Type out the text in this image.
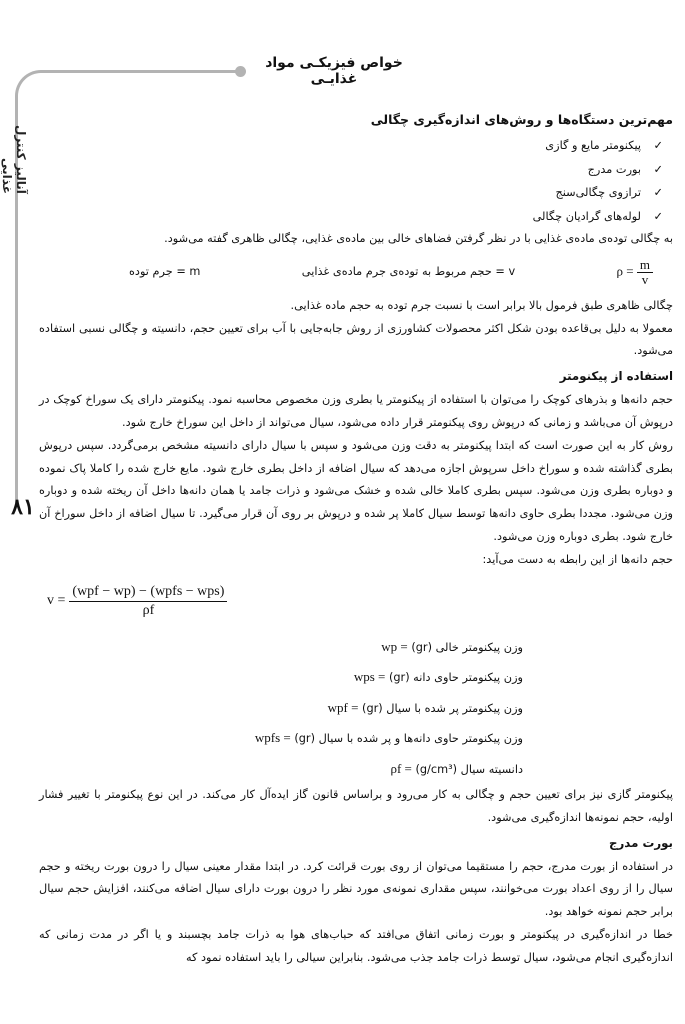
خواص فیزیکـی مواد غذایـی
آنالیز کنترل غذایی
۸۱
مهم‌ترین دستگاه‌ها و روش‌های اندازه‌گیری چگالی
✓پیکنومتر مایع و گازی
✓بورت مدرج
✓ترازوی چگالی‌سنج
✓لوله‌های گرادیان چگالی

به چگالی توده‌ی ماده‌ی غذایی با در نظر گرفتن فضاهای خالی بین ماده‌ی غذایی، چگالی ظاهری گفته می‌شود.

$\rho = \frac{m}{v}$
v = حجم مربوط به توده‌ی جرم ماده‌ی غذایی
m = جرم توده

چگالی ظاهری طبق فرمول بالا برابر است با نسبت جرم توده به حجم ماده غذایی.

معمولا به دلیل بی‌قاعده بودن شکل اکثر محصولات کشاورزی از روش جابه‌جایی با آب برای تعیین حجم، دانسیته و چگالی نسبی استفاده می‌شود.

استفاده از پیکنومتر

حجم دانه‌ها و بذرهای کوچک را می‌توان با استفاده از پیکنومتر یا بطری وزن مخصوص محاسبه نمود. پیکنومتر دارای یک سوراخ کوچک در درپوش آن می‌باشد و زمانی که درپوش روی پیکنومتر قرار داده می‌شود، سیال می‌تواند از داخل این سوراخ خارج شود.

روش کار به این صورت است که ابتدا پیکنومتر به دقت وزن می‌شود و سپس با سیال دارای دانسیته مشخص برمی‌گردد. سپس درپوش بطری گذاشته شده و سوراخ داخل سرپوش اجازه می‌دهد که سیال اضافه از داخل بطری خارج شود. مایع خارج شده را کاملا پاک نموده و دوباره بطری وزن می‌شود. سپس بطری کاملا خالی شده و خشک می‌شود و ذرات جامد یا همان دانه‌ها داخل آن ریخته شده و دوباره وزن می‌شود. مجددا بطری حاوی دانه‌ها توسط سیال کاملا پر شده و درپوش بر روی آن قرار می‌گیرد. تا سیال اضافه از داخل سوراخ آن خارج شود. بطری دوباره وزن می‌شود.

حجم دانه‌ها از این رابطه به دست می‌آید:

$v = \frac{\text{(wpf − wp) − (wpfs − wps)}}{\rho f}$

وزن پیکنومتر خالی (gr) wp =

وزن پیکنومتر حاوی دانه (gr) wps =

وزن پیکنومتر پر شده با سیال (gr) wpf =

وزن پیکنومتر حاوی دانه‌ها و پر شده با سیال (gr) wpfs =

دانسیته سیال (g/cm³) ρf =

پیکنومتر گازی نیز برای تعیین حجم و چگالی به کار می‌رود و براساس قانون گاز ایده‌آل کار می‌کند. در این نوع پیکنومتر با تغییر فشار اولیه، حجم نمونه‌ها اندازه‌گیری می‌شود.

بورت مدرج

در استفاده از بورت مدرج، حجم را مستقیما می‌توان از روی بورت قرائت کرد. در ابتدا مقدار معینی سیال را درون بورت ریخته و حجم سیال را از روی اعداد بورت می‌خوانند، سپس مقداری نمونه‌ی مورد نظر را درون بورت دارای سیال اضافه می‌کنند، افزایش حجم سیال برابر حجم نمونه خواهد بود.

خطا در اندازه‌گیری در پیکنومتر و بورت زمانی اتفاق می‌افتد که حباب‌های هوا به ذرات جامد بچسبند و یا اگر در مدت زمانی که اندازه‌گیری انجام می‌شود، سیال توسط ذرات جامد جذب می‌شود. بنابراین سیالی را باید استفاده نمود که
